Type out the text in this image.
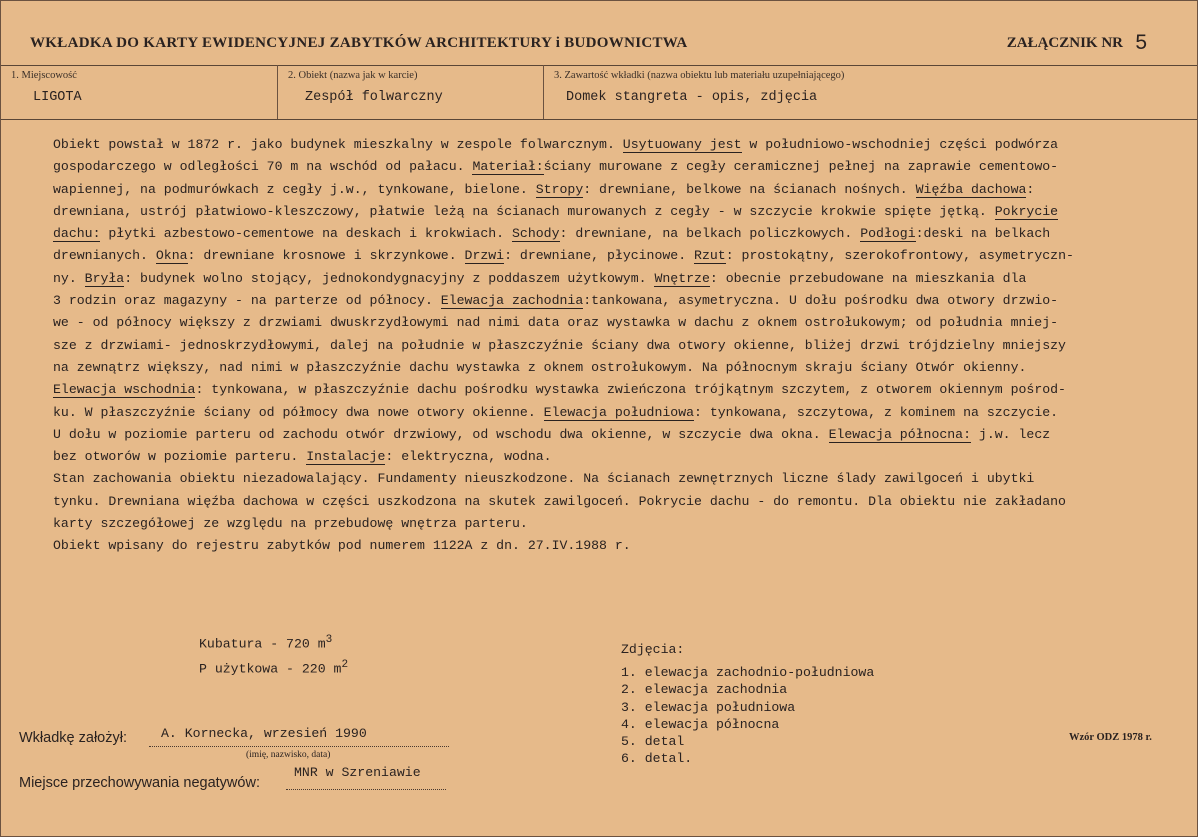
WKŁADKA DO KARTY EWIDENCYJNEJ ZABYTKÓW ARCHITEKTURY i BUDOWNICTWA	ZAŁĄCZNIK NR 5
1. Miejscowość
LIGOTA
2. Obiekt (nazwa jak w karcie)
Zespół folwarczny
3. Zawartość wkładki (nazwa obiektu lub materiału uzupełniającego)
Domek stangreta - opis, zdjęcia

Obiekt powstał w 1872 r. jako budynek mieszkalny w zespole folwarcznym. Usytuowany jest w południowo-wschodniej części podwórza

gospodarczego w odległości 70 m na wschód od pałacu. Materiał:ściany murowane z cegły ceramicznej pełnej na zaprawie cementowo-

wapiennej, na podmurówkach z cegły j.w., tynkowane, bielone. Stropy: drewniane, belkowe na ścianach nośnych. Więźba dachowa:

drewniana, ustrój płatwiowo-kleszczowy, płatwie leżą na ścianach murowanych z cegły - w szczycie krokwie spięte jętką. Pokrycie

dachu: płytki azbestowo-cementowe na deskach i krokwiach. Schody: drewniane, na belkach policzkowych. Podłogi:deski na belkach

drewnianych. Okna: drewniane krosnowe i skrzynkowe. Drzwi: drewniane, płycinowe. Rzut: prostokątny, szerokofrontowy, asymetryczn-

ny. Bryła: budynek wolno stojący, jednokondygnacyjny z poddaszem użytkowym. Wnętrze: obecnie przebudowane na mieszkania dla

3 rodzin oraz magazyny - na parterze od północy. Elewacja zachodnia:tankowana, asymetryczna. U dołu pośrodku dwa otwory drzwio-

we - od północy większy z drzwiami dwuskrzydłowymi nad nimi data oraz wystawka w dachu z oknem ostrołukowym; od południa mniej-

sze z drzwiami- jednoskrzydłowymi, dalej na południe w płaszczyźnie ściany dwa otwory okienne, bliżej drzwi trójdzielny mniejszy

na zewnątrz większy, nad nimi w płaszczyźnie dachu wystawka z oknem ostrołukowym. Na północnym skraju ściany Otwór okienny.

Elewacja wschodnia: tynkowana, w płaszczyźnie dachu pośrodku wystawka zwieńczona trójkątnym szczytem, z otworem okiennym pośrod-

ku. W płaszczyźnie ściany od półmocy dwa nowe otwory okienne. Elewacja południowa: tynkowana, szczytowa, z kominem na szczycie.

U dołu w poziomie parteru od zachodu otwór drzwiowy, od wschodu dwa okienne, w szczycie dwa okna. Elewacja północna: j.w. lecz

bez otworów w poziomie parteru. Instalacje: elektryczna, wodna.

Stan zachowania obiektu niezadowalający. Fundamenty nieuszkodzone. Na ścianach zewnętrznych liczne ślady zawilgoceń i ubytki

tynku. Drewniana więźba dachowa w części uszkodzona na skutek zawilgoceń. Pokrycie dachu - do remontu. Dla obiektu nie zakładano

karty szczegółowej ze względu na przebudowę wnętrza parteru.

Obiekt wpisany do rejestru zabytków pod numerem 1122A z dn. 27.IV.1988 r.

Kubatura - 720 $m^3$
P użytkowa - 220 $m^2$
Zdjęcia:
1. elewacja zachodnio-południowa
2. elewacja zachodnia
3. elewacja południowa
4. elewacja północna
5. detal
6. detal.
Wkładkę założył:	A. Kornecka, wrzesień 1990
(imię, nazwisko, data)
Miejsce przechowywania negatywów:
MNR w Szreniawie
Wzór ODZ 1978 r.
